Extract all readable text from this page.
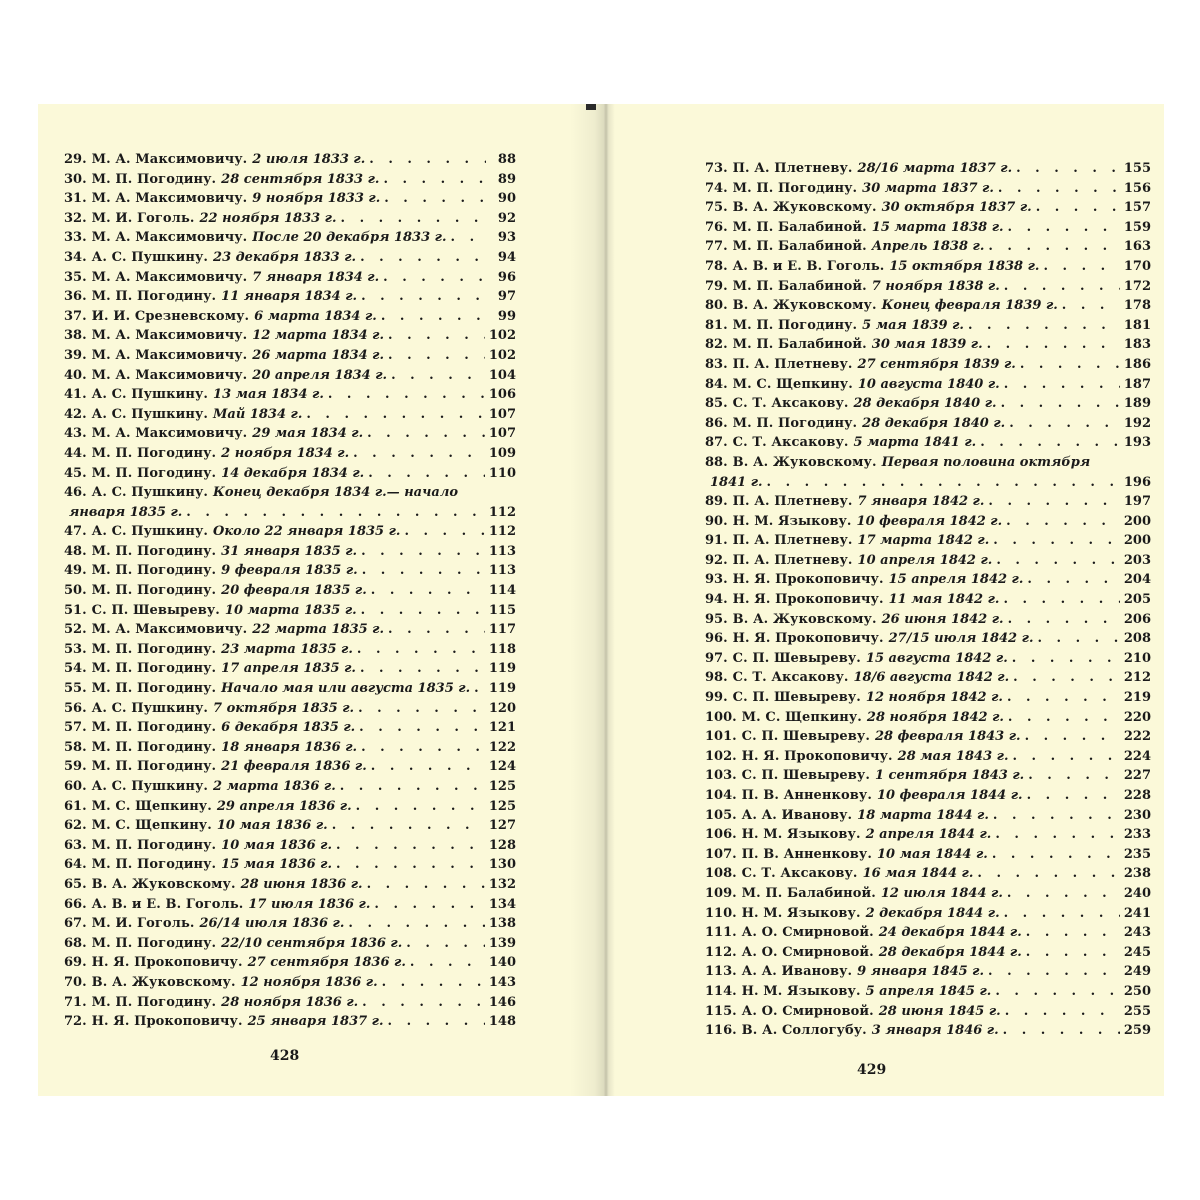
29. М. А. Максимовичу. 2 июля 1833 г. . . .	88
30. М. П. Погодину. 28 сентября 1833 г. . . .	89
31. М. А. Максимовичу. 9 ноября 1833 г. . . .	90
32. М. И. Гоголь. 22 ноября 1833 г. . . .	92
33. М. А. Максимовичу. После 20 декабря 1833 г. . . .	93
34. А. С. Пушкину. 23 декабря 1833 г. . . .	94
35. М. А. Максимовичу. 7 января 1834 г. . . .	96
36. М. П. Погодину. 11 января 1834 г. . . .	97
37. И. И. Срезневскому. 6 марта 1834 г. . . .	99
38. М. А. Максимовичу. 12 марта 1834 г. . . .	102
39. М. А. Максимовичу. 26 марта 1834 г. . . .	102
40. М. А. Максимовичу. 20 апреля 1834 г. . . .	104
41. А. С. Пушкину. 13 мая 1834 г. . . .	106
42. А. С. Пушкину. Май 1834 г. . . .	107
43. М. А. Максимовичу. 29 мая 1834 г. . . .	107
44. М. П. Погодину. 2 ноября 1834 г. . . .	109
45. М. П. Погодину. 14 декабря 1834 г. . . .	110
46. А. С. Пушкину. Конец декабря 1834 г.— начало
января 1835 г. . . .	112
47. А. С. Пушкину. Около 22 января 1835 г. . . .	112
48. М. П. Погодину. 31 января 1835 г. . . .	113
49. М. П. Погодину. 9 февраля 1835 г. . . .	113
50. М. П. Погодину. 20 февраля 1835 г. . . .	114
51. С. П. Шевыреву. 10 марта 1835 г. . . .	115
52. М. А. Максимовичу. 22 марта 1835 г. . . .	117
53. М. П. Погодину. 23 марта 1835 г. . . .	118
54. М. П. Погодину. 17 апреля 1835 г. . . .	119
55. М. П. Погодину. Начало мая или августа 1835 г. . . . 119
56. А. С. Пушкину. 7 октября 1835 г. . . .	120
57. М. П. Погодину. 6 декабря 1835 г. . . .	121
58. М. П. Погодину. 18 января 1836 г. . . .	122
59. М. П. Погодину. 21 февраля 1836 г. . . .	124
60. А. С. Пушкину. 2 марта 1836 г. . . .	125
61. М. С. Щепкину. 29 апреля 1836 г. . . .	125
62. М. С. Щепкину. 10 мая 1836 г. . . .	127
63. М. П. Погодину. 10 мая 1836 г. . . .	128
64. М. П. Погодину. 15 мая 1836 г. . . .	130
65. В. А. Жуковскому. 28 июня 1836 г. . . .	132
66. А. В. и Е. В. Гоголь. 17 июля 1836 г. . . .	134
67. М. И. Гоголь. 26/14 июля 1836 г. . . .	138
68. М. П. Погодину. 22/10 сентября 1836 г. . . .	139
69. Н. Я. Прокоповичу. 27 сентября 1836 г. . . .	140
70. В. А. Жуковскому. 12 ноября 1836 г. . . .	143
71. М. П. Погодину. 28 ноября 1836 г. . . .	146
72. Н. Я. Прокоповичу. 25 января 1837 г. . . .	148
428
73. П. А. Плетневу. 28/16 марта 1837 г. . . .	155
74. М. П. Погодину. 30 марта 1837 г. . . .	156
75. В. А. Жуковскому. 30 октября 1837 г. . . .	157
76. М. П. Балабиной. 15 марта 1838 г. . . .	159
77. М. П. Балабиной. Апрель 1838 г. . . .	163
78. А. В. и Е. В. Гоголь. 15 октября 1838 г. . . .	170
79. М. П. Балабиной. 7 ноября 1838 г. . . .	172
80. В. А. Жуковскому. Конец февраля 1839 г. . . .	178
81. М. П. Погодину. 5 мая 1839 г. . . .	181
82. М. П. Балабиной. 30 мая 1839 г. . . .	183
83. П. А. Плетневу. 27 сентября 1839 г. . . .	186
84. М. С. Щепкину. 10 августа 1840 г. . . .	187
85. С. Т. Аксакову. 28 декабря 1840 г. . . .	189
86. М. П. Погодину. 28 декабря 1840 г. . . .	192
87. С. Т. Аксакову. 5 марта 1841 г. . . .	193
88. В. А. Жуковскому. Первая половина октября
1841 г. . . .	196
89. П. А. Плетневу. 7 января 1842 г. . . .	197
90. Н. М. Языкову. 10 февраля 1842 г. . . .	200
91. П. А. Плетневу. 17 марта 1842 г. . . .	200
92. П. А. Плетневу. 10 апреля 1842 г. . . .	203
93. Н. Я. Прокоповичу. 15 апреля 1842 г. . . .	204
94. Н. Я. Прокоповичу. 11 мая 1842 г. . . .	205
95. В. А. Жуковскому. 26 июня 1842 г. . . .	206
96. Н. Я. Прокоповичу. 27/15 июля 1842 г. . . .	208
97. С. П. Шевыреву. 15 августа 1842 г. . . .	210
98. С. Т. Аксакову. 18/6 августа 1842 г. . . .	212
99. С. П. Шевыреву. 12 ноября 1842 г. . . .	219
100. М. С. Щепкину. 28 ноября 1842 г. . . .	220
101. С. П. Шевыреву. 28 февраля 1843 г. . . .	222
102. Н. Я. Прокоповичу. 28 мая 1843 г. . . .	224
103. С. П. Шевыреву. 1 сентября 1843 г. . . .	227
104. П. В. Анненкову. 10 февраля 1844 г. . . .	228
105. А. А. Иванову. 18 марта 1844 г. . . .	230
106. Н. М. Языкову. 2 апреля 1844 г. . . .	233
107. П. В. Анненкову. 10 мая 1844 г. . . .	235
108. С. Т. Аксакову. 16 мая 1844 г. . . .	238
109. М. П. Балабиной. 12 июля 1844 г. . . .	240
110. Н. М. Языкову. 2 декабря 1844 г. . . .	241
111. А. О. Смирновой. 24 декабря 1844 г. . . .	243
112. А. О. Смирновой. 28 декабря 1844 г. . . .	245
113. А. А. Иванову. 9 января 1845 г. . . .	249
114. Н. М. Языкову. 5 апреля 1845 г. . . .	250
115. А. О. Смирновой. 28 июня 1845 г. . . .	255
116. В. А. Соллогубу. 3 января 1846 г. . . .	259
429
